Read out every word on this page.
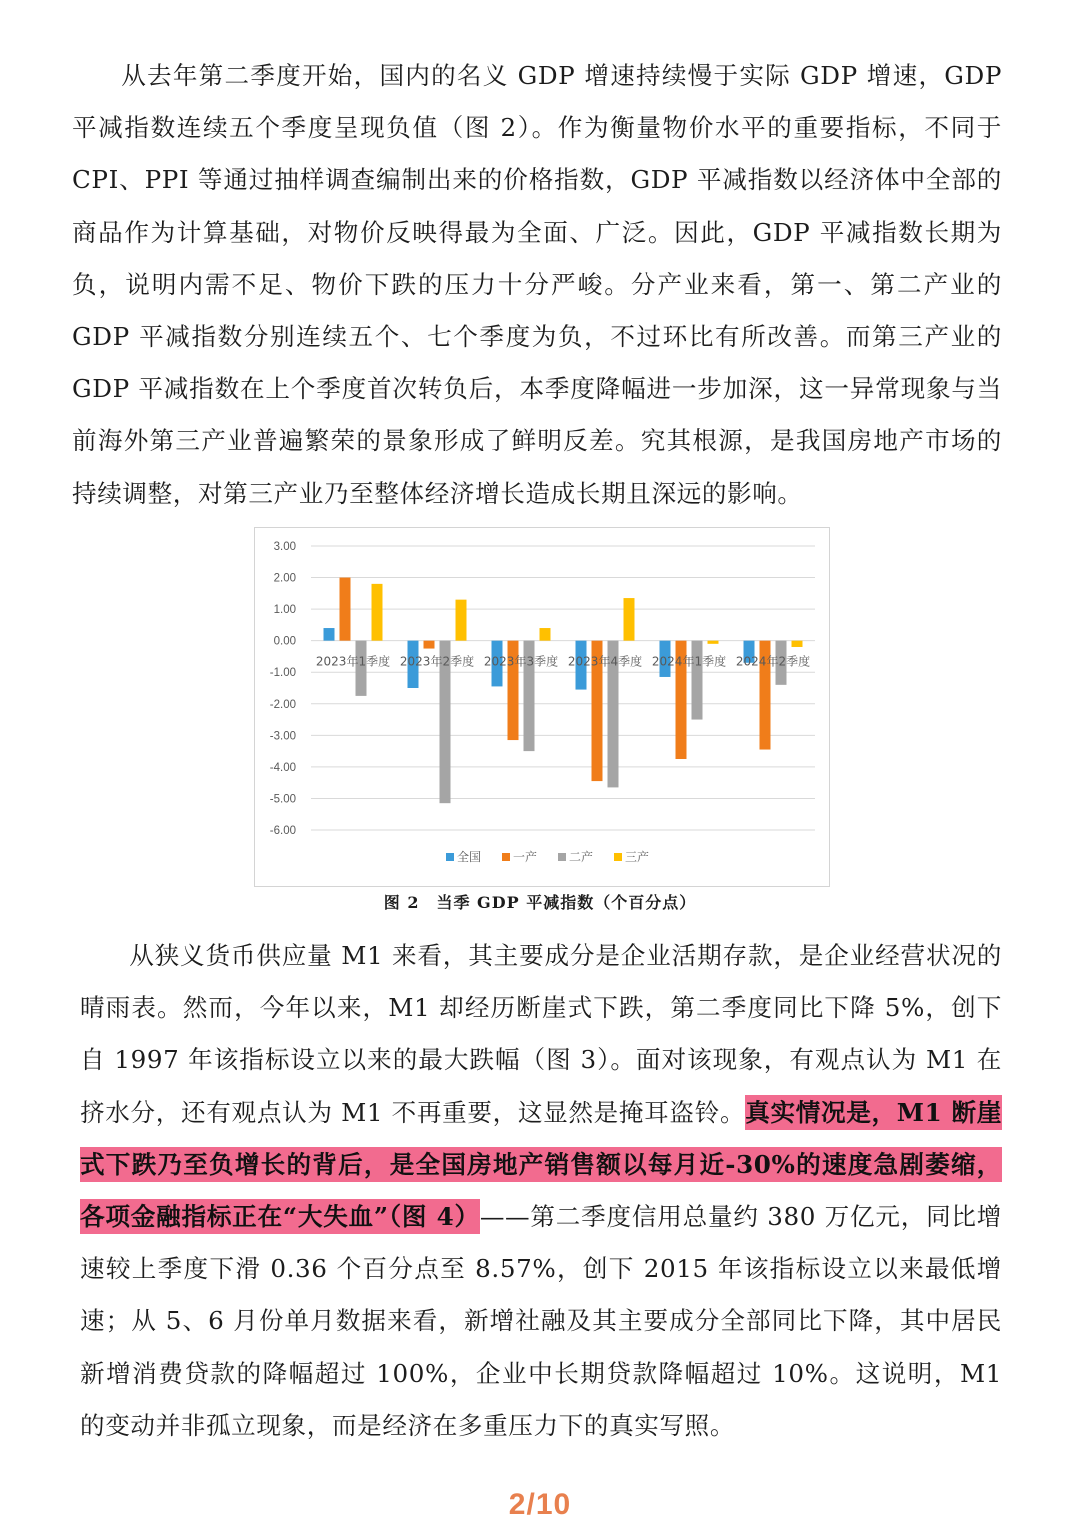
从去年第二季度开始，国内的名义 GDP 增速持续慢于实际 GDP 增速，GDP 平减指数连续五个季度呈现负值（图 2）。作为衡量物价水平的重要指标，不同于 CPI、PPI 等通过抽样调查编制出来的价格指数，GDP 平减指数以经济体中全部的商品作为计算基础，对物价反映得最为全面、广泛。因此，GDP 平减指数长期为负，说明内需不足、物价下跌的压力十分严峻。分产业来看，第一、第二产业的 GDP 平减指数分别连续五个、七个季度为负，不过环比有所改善。而第三产业的 GDP 平减指数在上个季度首次转负后，本季度降幅进一步加深，这一异常现象与当前海外第三产业普遍繁荣的景象形成了鲜明反差。究其根源，是我国房地产市场的持续调整，对第三产业乃至整体经济增长造成长期且深远的影响。

3.00
2.00
1.00
0.00
-1.00
-2.00
-3.00
-4.00
-5.00
-6.00
2023年1季度 2023年2季度 2023年3季度 2023年4季度 2024年1季度 2024年2季度
全国	一产	二产	三产
图 2　当季 GDP 平减指数（个百分点）

从狭义货币供应量 M1 来看，其主要成分是企业活期存款，是企业经营状况的晴雨表。然而，今年以来，M1 却经历断崖式下跌，第二季度同比下降 5%，创下自 1997 年该指标设立以来的最大跌幅（图 3）。面对该现象，有观点认为 M1 在挤水分，还有观点认为 M1 不再重要，这显然是掩耳盗铃。真实情况是，M1 断崖式下跌乃至负增长的背后，是全国房地产销售额以每月近-30%的速度急剧萎缩，各项金融指标正在“大失血”（图 4）——第二季度信用总量约 380 万亿元，同比增速较上季度下滑 0.36 个百分点至 8.57%，创下 2015 年该指标设立以来最低增速；从 5、6 月份单月数据来看，新增社融及其主要成分全部同比下降，其中居民新增消费贷款的降幅超过 100%，企业中长期贷款降幅超过 10%。这说明，M1 的变动并非孤立现象，而是经济在多重压力下的真实写照。

2/10
